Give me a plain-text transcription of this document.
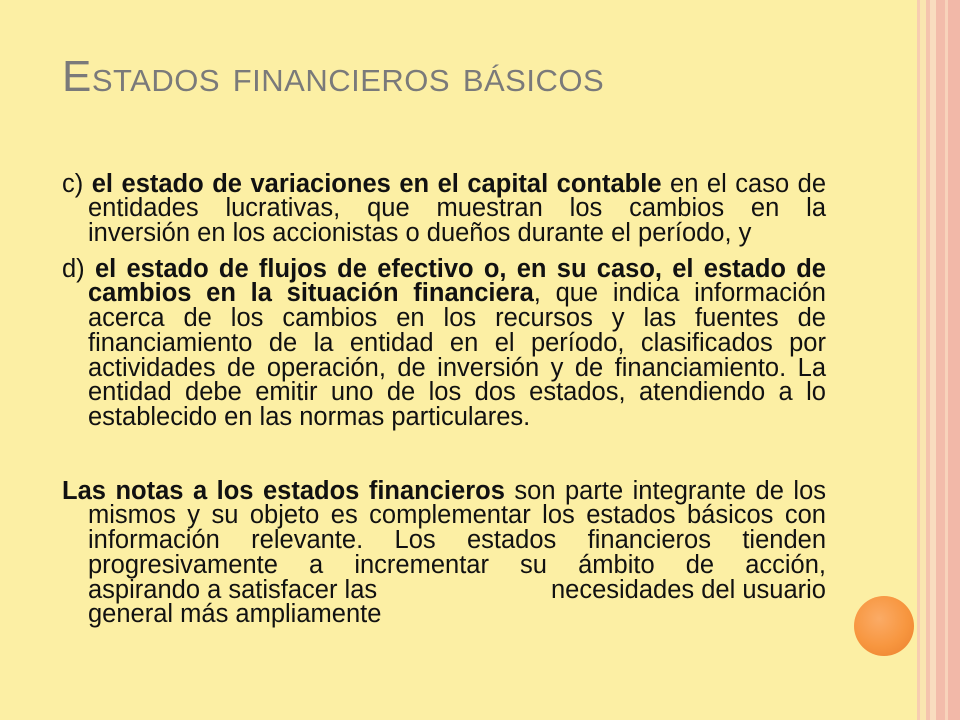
Estados financieros básicos
c) el estado de variaciones en el capital contable en el caso de
entidades lucrativas, que muestran los cambios en la
inversión en los accionistas o dueños durante el período, y
d) el estado de flujos de efectivo o, en su caso, el estado de
cambios en la situación financiera, que indica información
acerca de los cambios en los recursos y las fuentes de
financiamiento de la entidad en el período, clasificados por
actividades de operación, de inversión y de financiamiento. La
entidad debe emitir uno de los dos estados, atendiendo a lo
establecido en las normas particulares.
Las notas a los estados financieros son parte integrante de los
mismos y su objeto es complementar los estados básicos con
información relevante. Los estados financieros tienden
progresivamente a incrementar su ámbito de acción,
aspirando a satisfacer las	necesidades del usuario
general más ampliamente
